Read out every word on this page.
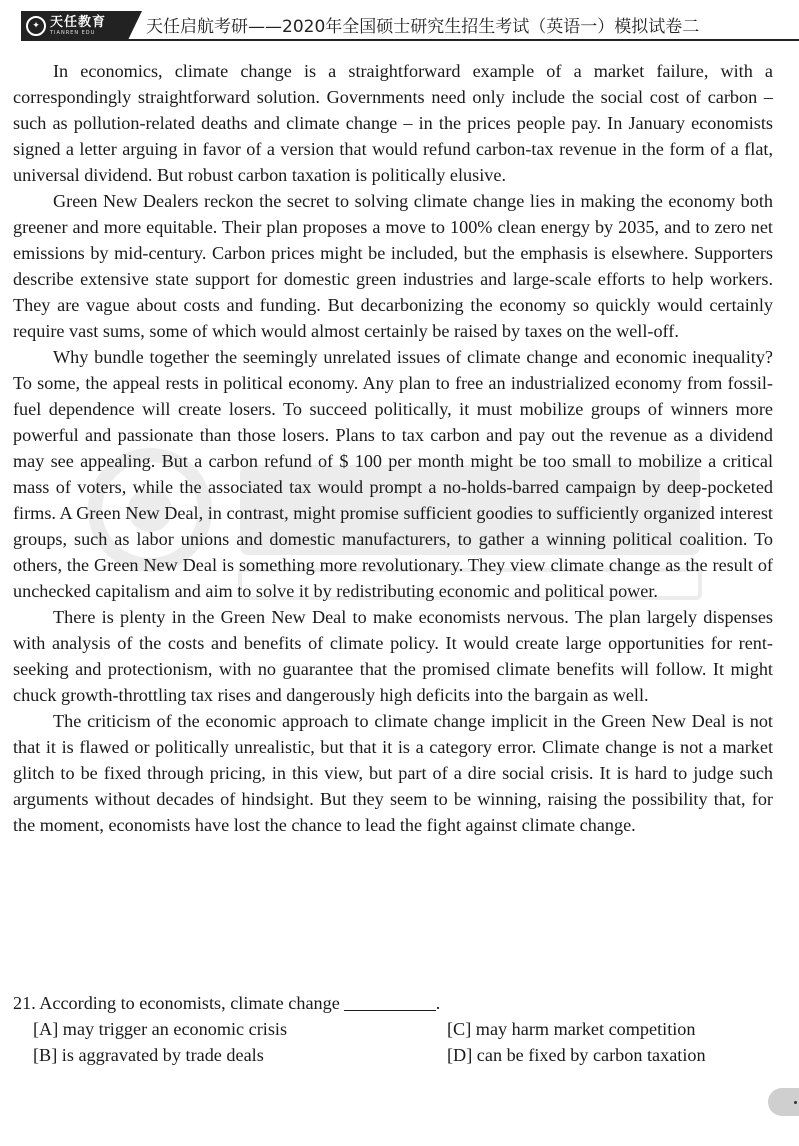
✦ 天任教育
TIANREN EDU	天任启航考研——2020年全国硕士研究生招生考试（英语一）模拟试卷二

In economics, climate change is a straightforward example of a market failure, with a correspondingly straightforward solution. Governments need only include the social cost of carbon – such as pollution-related deaths and climate change – in the prices people pay. In January economists signed a letter arguing in favor of a version that would refund carbon-tax revenue in the form of a flat, universal dividend. But robust carbon taxation is politically elusive.

Green New Dealers reckon the secret to solving climate change lies in making the economy both greener and more equitable. Their plan proposes a move to 100% clean energy by 2035, and to zero net emissions by mid-century. Carbon prices might be included, but the emphasis is elsewhere. Supporters describe extensive state support for domestic green industries and large-scale efforts to help workers. They are vague about costs and funding. But decarbonizing the economy so quickly would certainly require vast sums, some of which would almost certainly be raised by taxes on the well-off.

Why bundle together the seemingly unrelated issues of climate change and economic inequality? To some, the appeal rests in political economy. Any plan to free an industrialized economy from fossil-fuel dependence will create losers. To succeed politically, it must mobilize groups of winners more powerful and passionate than those losers. Plans to tax carbon and pay out the revenue as a dividend may see appealing. But a carbon refund of $ 100 per month might be too small to mobilize a critical mass of voters, while the associated tax would prompt a no-holds-barred campaign by deep-pocketed firms. A Green New Deal, in contrast, might promise sufficient goodies to sufficiently organized interest groups, such as labor unions and domestic manufacturers, to gather a winning political coalition. To others, the Green New Deal is something more revolutionary. They view climate change as the result of unchecked capitalism and aim to solve it by redistributing economic and political power.

There is plenty in the Green New Deal to make economists nervous. The plan largely dispenses with analysis of the costs and benefits of climate policy. It would create large opportunities for rent-seeking and protectionism, with no guarantee that the promised climate benefits will follow. It might chuck growth-throttling tax rises and dangerously high deficits into the bargain as well.

The criticism of the economic approach to climate change implicit in the Green New Deal is not that it is flawed or politically unrealistic, but that it is a category error. Climate change is not a market glitch to be fixed through pricing, in this view, but part of a dire social crisis. It is hard to judge such arguments without decades of hindsight. But they seem to be winning, raising the possibility that, for the moment, economists have lost the chance to lead the fight against climate change.

21. According to economists, climate change	.
[A] may trigger an economic crisis	[C] may harm market competition
[B] is aggravated by trade deals	[D] can be fixed by carbon taxation
